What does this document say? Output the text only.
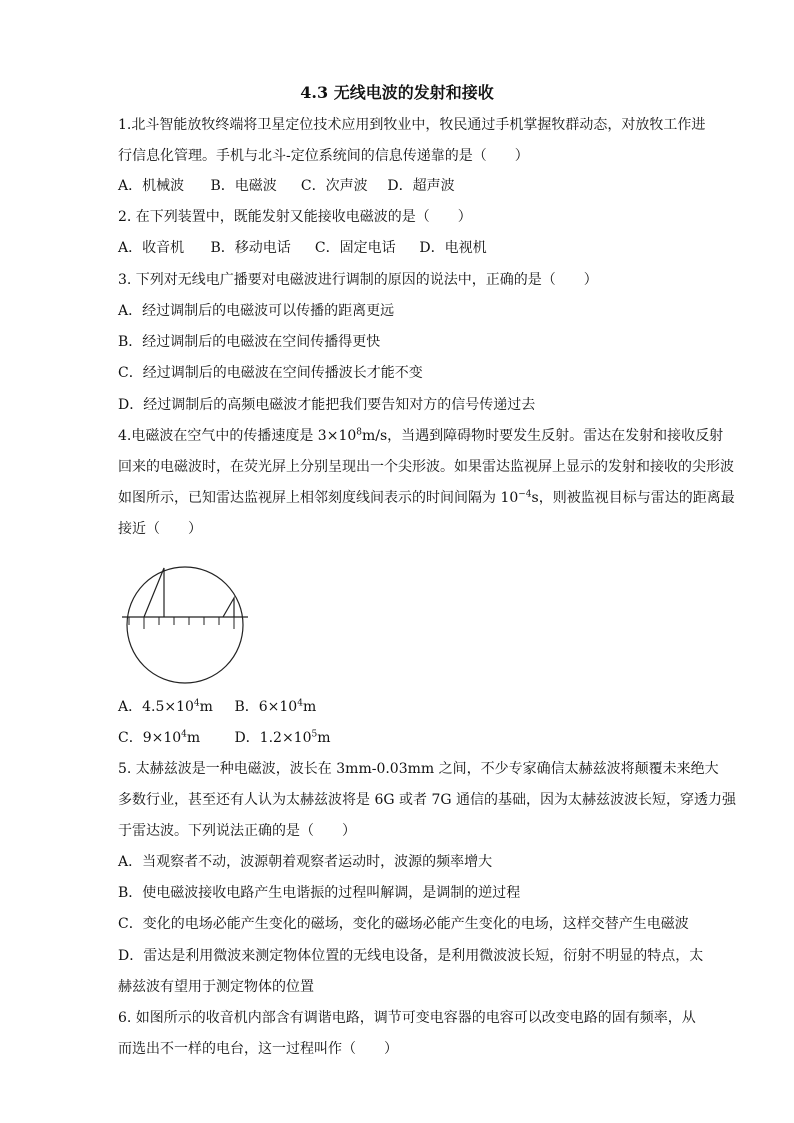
4.3 无线电波的发射和接收
1.北斗智能放牧终端将卫星定位技术应用到牧业中，牧民通过手机掌握牧群动态，对放牧工作进
行信息化管理。手机与北斗-定位系统间的信息传递靠的是（　　）
A．机械波 B．电磁波 C．次声波 D．超声波
2. 在下列装置中，既能发射又能接收电磁波的是（　　）
A．收音机 B．移动电话 C．固定电话 D．电视机
3. 下列对无线电广播要对电磁波进行调制的原因的说法中，正确的是（　　）
A．经过调制后的电磁波可以传播的距离更远
B．经过调制后的电磁波在空间传播得更快
C．经过调制后的电磁波在空间传播波长才能不变
D．经过调制后的高频电磁波才能把我们要告知对方的信号传递过去
4.电磁波在空气中的传播速度是 $3\times 10^8m/s$，当遇到障碍物时要发生反射。雷达在发射和接收反射
回来的电磁波时，在荧光屏上分别呈现出一个尖形波。如果雷达监视屏上显示的发射和接收的尖形波
如图所示，已知雷达监视屏上相邻刻度线间表示的时间间隔为 $10^{-4}s$，则被监视目标与雷达的距离最
接近（　　）
A．$4.5\times 10^4m$ B．$6\times 10^4m$
C．$9\times 10^4m$ D．$1.2\times 10^5m$
5. 太赫兹波是一种电磁波，波长在 3mm-0.03mm 之间，不少专家确信太赫兹波将颠覆未来绝大
多数行业，甚至还有人认为太赫兹波将是 6G 或者 7G 通信的基础，因为太赫兹波波长短，穿透力强
于雷达波。下列说法正确的是（　　）
A．当观察者不动，波源朝着观察者运动时，波源的频率增大
B．使电磁波接收电路产生电谐振的过程叫解调，是调制的逆过程
C．变化的电场必能产生变化的磁场，变化的磁场必能产生变化的电场，这样交替产生电磁波
D．雷达是利用微波来测定物体位置的无线电设备，是利用微波波长短，衍射不明显的特点，太
赫兹波有望用于测定物体的位置
6. 如图所示的收音机内部含有调谐电路，调节可变电容器的电容可以改变电路的固有频率，从
而选出不一样的电台，这一过程叫作（　　）
